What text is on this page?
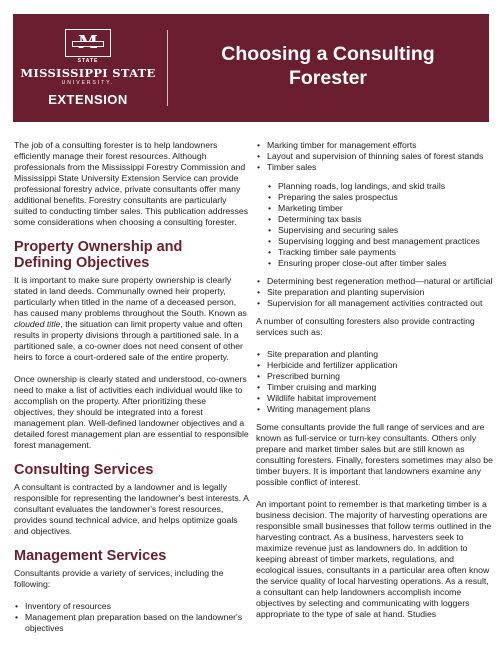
STATE
MISSISSIPPI STATE
UNIVERSITY.
EXTENSION
Choosing a Consulting
Forester

The job of a consulting forester is to help landowners efficiently manage their forest resources. Although professionals from the Mississippi Forestry Commission and Mississippi State University Extension Service can provide professional forestry advice, private consultants offer many additional benefits. Forestry consultants are particularly suited to conducting timber sales. This publication addresses some considerations when choosing a consulting forester.

Property Ownership and
Defining Objectives

It is important to make sure property ownership is clearly stated in land deeds. Communally owned heir property, particularly when titled in the name of a deceased person, has caused many problems throughout the South. Known as clouded title, the situation can limit property value and often results in property divisions through a partitioned sale. In a partitioned sale, a co-owner does not need consent of other heirs to force a court-ordered sale of the entire property.

Once ownership is clearly stated and understood, co-owners need to make a list of activities each individual would like to accomplish on the property. After prioritizing these objectives, they should be integrated into a forest management plan. Well-defined landowner objectives and a detailed forest management plan are essential to responsible forest management.

Consulting Services

A consultant is contracted by a landowner and is legally responsible for representing the landowner's best interests. A consultant evaluates the landowner's forest resources, provides sound technical advice, and helps optimize goals and objectives.

Management Services

Consultants provide a variety of services, including the following:

• Inventory of resources
• Management plan preparation based on the landowner's objectives
• Marking timber for management efforts
• Layout and supervision of thinning sales of forest stands
• Timber sales
• Planning roads, log landings, and skid trails
• Preparing the sales prospectus
• Marketing timber
• Determining tax basis
• Supervising and securing sales
• Supervising logging and best management practices
• Tracking timber sale payments
• Ensuring proper close-out after timber sales
• Determining best regeneration method—natural or artificial
• Site preparation and planting supervision
• Supervision for all management activities contracted out

A number of consulting foresters also provide contracting services such as:

• Site preparation and planting
• Herbicide and fertilizer application
• Prescribed burning
• Timber cruising and marking
• Wildlife habitat improvement
• Writing management plans

Some consultants provide the full range of services and are known as full-service or turn-key consultants. Others only prepare and market timber sales but are still known as consulting foresters. Finally, foresters sometimes may also be timber buyers. It is important that landowners examine any possible conflict of interest.

An important point to remember is that marketing timber is a business decision. The majority of harvesting operations are responsible small businesses that follow terms outlined in the harvesting contract. As a business, harvesters seek to maximize revenue just as landowners do. In addition to keeping abreast of timber markets, regulations, and ecological issues, consultants in a particular area often know the service quality of local harvesting operations. As a result, a consultant can help landowners accomplish income objectives by selecting and communicating with loggers appropriate to the type of sale at hand. Studies
